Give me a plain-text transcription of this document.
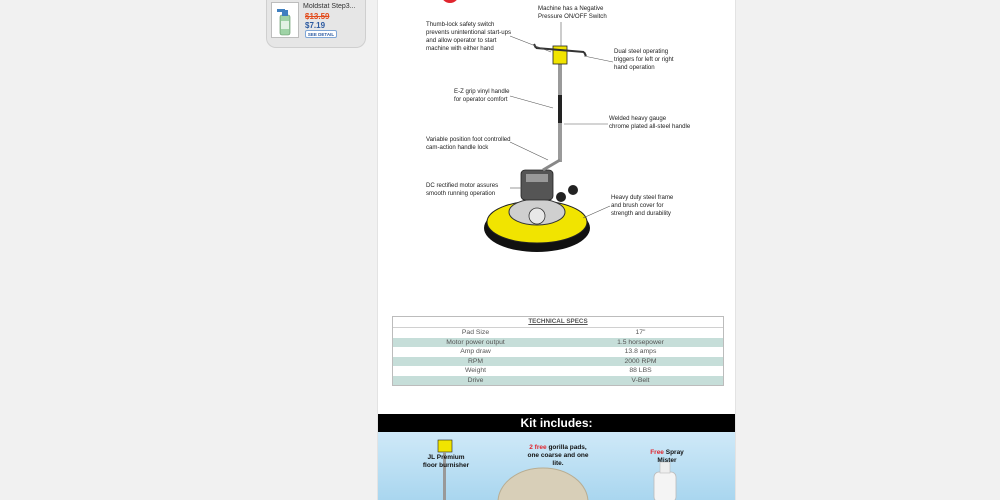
Moldstat Step3...
$13.59
$7.19
SEE DETAIL
Machine has a Negative
Pressure ON/OFF Switch
Thumb-lock safety switch
prevents unintentional start-ups
and allow operator to start
machine with either hand	Dual steel operating
triggers for left or right
hand operation
E-Z grip vinyl handle
for operator comfort
Welded heavy gauge
chrome plated all-steel handle
Variable position foot controlled
cam-action handle lock
DC rectified motor assures
smooth running operation
Heavy duty steel frame
and brush cover for
strength and durability
TECHNICAL SPECS
Pad Size	17"
Motor power output	1.5 horsepower
Amp draw	13.8 amps
RPM	2000 RPM
Weight	88 LBS
Drive	V-Belt
Kit includes:
JL Premium
floor burnisher
2 free gorilla pads,
one coarse and one
lite.
Free Spray
Mister
